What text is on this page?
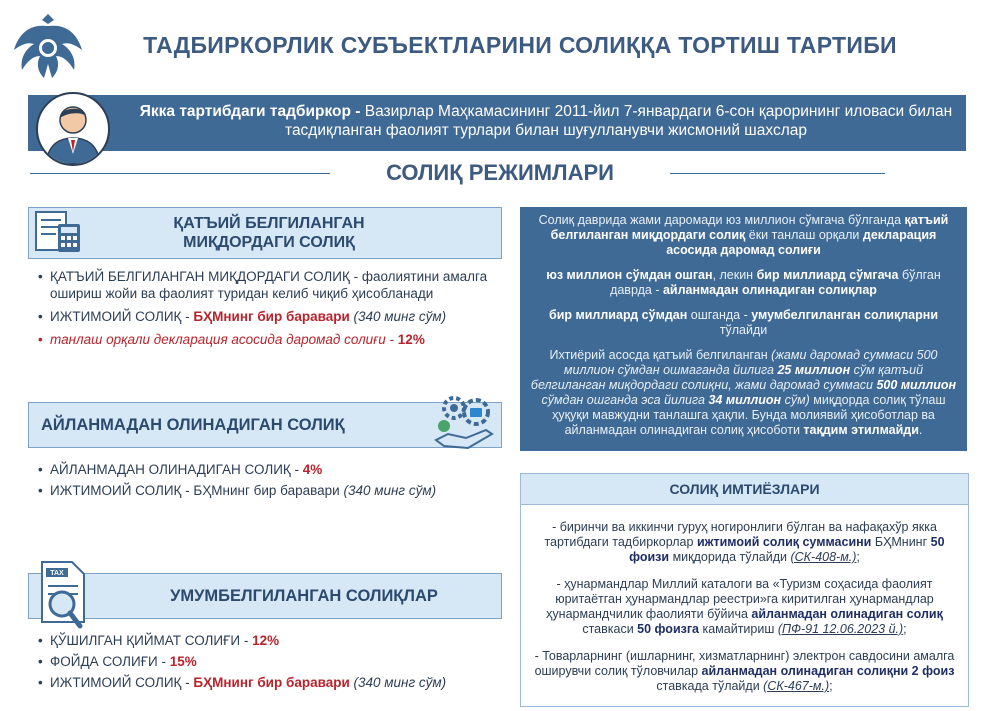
ТАДБИРКОРЛИК СУБЪЕКТЛАРИНИ СОЛИҚҚА ТОРТИШ ТАРТИБИ
Якка тартибдаги тадбиркор - Вазирлар Маҳкамасининг 2011-йил 7-январдаги 6-сон қарорининг иловаси билан тасдиқланган фаолият турлари билан шуғулланувчи жисмоний шахслар
СОЛИҚ РЕЖИМЛАРИ
ҚАТЪИЙ БЕЛГИЛАНГАН
МИҚДОРДАГИ СОЛИҚ
• ҚАТЪИЙ БЕЛГИЛАНГАН МИҚДОРДАГИ СОЛИҚ - фаолиятини амалга ошириш жойи ва фаолият туридан келиб чиқиб ҳисобланади
• ИЖТИМОИЙ СОЛИҚ - БҲМнинг бир баравари (340 минг сўм)
• танлаш орқали декларация асосида даромад солиғи - 12%
АЙЛАНМАДАН ОЛИНАДИГАН СОЛИҚ
• АЙЛАНМАДАН ОЛИНАДИГАН СОЛИҚ - 4%
• ИЖТИМОИЙ СОЛИҚ - БҲМнинг бир баравари (340 минг сўм)
УМУМБЕЛГИЛАНГАН СОЛИҚЛАР
TAX
• ҚЎШИЛГАН ҚИЙМАТ СОЛИҒИ - 12%
• ФОЙДА СОЛИҒИ - 15%
• ИЖТИМОИЙ СОЛИҚ - БҲМнинг бир баравари (340 минг сўм)

Солиқ даврида жами даромади юз миллион сўмгача бўлганда қатъий белгиланган миқдордаги солиқ ёки танлаш орқали декларация асосида даромад солиғи

юз миллион сўмдан ошган, лекин бир миллиард сўмгача бўлган даврда - айланмадан олинадиган солиқлар

бир миллиард сўмдан ошганда - умумбелгиланган солиқларни тўлайди

Ихтиёрий асосда қатъий белгиланган (жами даромад суммаси 500 миллион сўмдан ошмаганда йилига 25 миллион сўм қатъий белгиланган миқдордаги солиқни, жами даромад суммаси 500 миллион сўмдан ошганда эса йилига 34 миллион сўм) миқдорда солиқ тўлаш ҳуқуқи мавжудни танлашга ҳақли. Бунда молиявий ҳисоботлар ва айланмадан олинадиган солиқ ҳисоботи тақдим этилмайди.

СОЛИҚ ИМТИЁЗЛАРИ

- биринчи ва иккинчи гуруҳ ногиронлиги бўлган ва нафақахўр якка тартибдаги тадбиркорлар ижтимоий солиқ суммасини БҲМнинг 50 фоизи миқдорида тўлайди (СК-408-м.);

- ҳунармандлар Миллий каталоги ва «Туризм соҳасида фаолият юритаётган ҳунармандлар реестри»га киритилган ҳунармандлар ҳунармандчилик фаолияти бўйича айланмадан олинадиган солиқ ставкаси 50 фоизга камайтириш (ПФ-91 12.06.2023 й.);

- Товарларнинг (ишларнинг, хизматларнинг) электрон савдосини амалга оширувчи солиқ тўловчилар айланмадан олинадиган солиқни 2 фоиз ставкада тўлайди (СК-467-м.);
